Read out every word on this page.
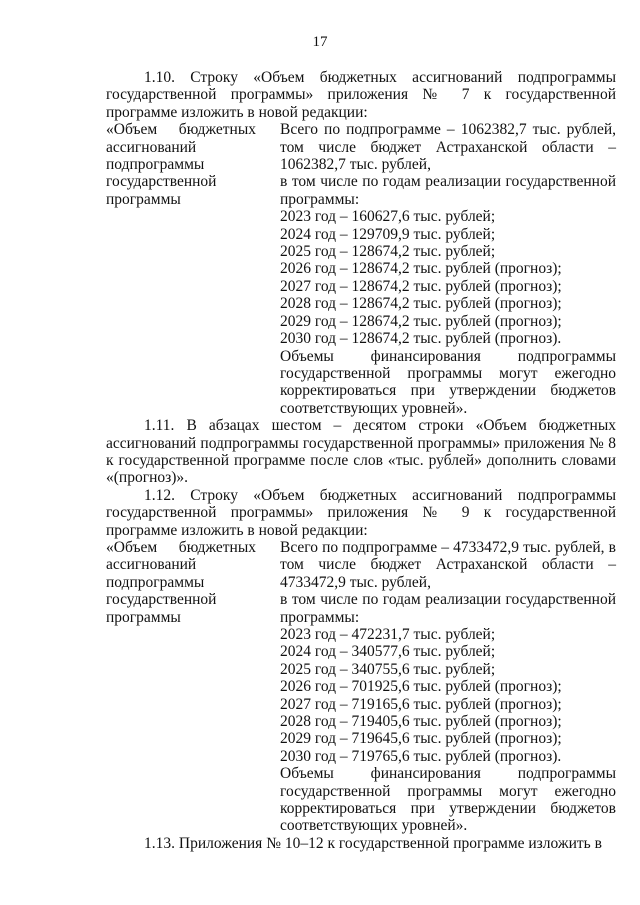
17

1.10. Строку «Объем бюджетных ассигнований подпрограммы государственной программы» приложения № 7 к государственной программе изложить в новой редакции:

«Объем бюджетных ассигнований подпрограммы государственной программы

Всего по подпрограмме – 1062382,7 тыс. рублей, том числе бюджет Астраханской области – 1062382,7 тыс. рублей,

в том числе по годам реализации государственной программы:

2023 год – 160627,6 тыс. рублей;

2024 год – 129709,9 тыс. рублей;

2025 год – 128674,2 тыс. рублей;

2026 год – 128674,2 тыс. рублей (прогноз);

2027 год – 128674,2 тыс. рублей (прогноз);

2028 год – 128674,2 тыс. рублей (прогноз);

2029 год – 128674,2 тыс. рублей (прогноз);

2030 год – 128674,2 тыс. рублей (прогноз).

Объемы финансирования подпрограммы государственной программы могут ежегодно корректироваться при утверждении бюджетов соответствующих уровней».

1.11. В абзацах шестом – десятом строки «Объем бюджетных ассигнований подпрограммы государственной программы» приложения № 8 к государственной программе после слов «тыс. рублей» дополнить словами «(прогноз)».

1.12. Строку «Объем бюджетных ассигнований подпрограммы государственной программы» приложения № 9 к государственной программе изложить в новой редакции:

«Объем бюджетных ассигнований подпрограммы государственной программы

Всего по подпрограмме – 4733472,9 тыс. рублей, в том числе бюджет Астраханской области – 4733472,9 тыс. рублей,

в том числе по годам реализации государственной программы:

2023 год – 472231,7 тыс. рублей;

2024 год – 340577,6 тыс. рублей;

2025 год – 340755,6 тыс. рублей;

2026 год – 701925,6 тыс. рублей (прогноз);

2027 год – 719165,6 тыс. рублей (прогноз);

2028 год – 719405,6 тыс. рублей (прогноз);

2029 год – 719645,6 тыс. рублей (прогноз);

2030 год – 719765,6 тыс. рублей (прогноз).

Объемы финансирования подпрограммы государственной программы могут ежегодно корректироваться при утверждении бюджетов соответствующих уровней».

1.13. Приложения № 10–12 к государственной программе изложить в
